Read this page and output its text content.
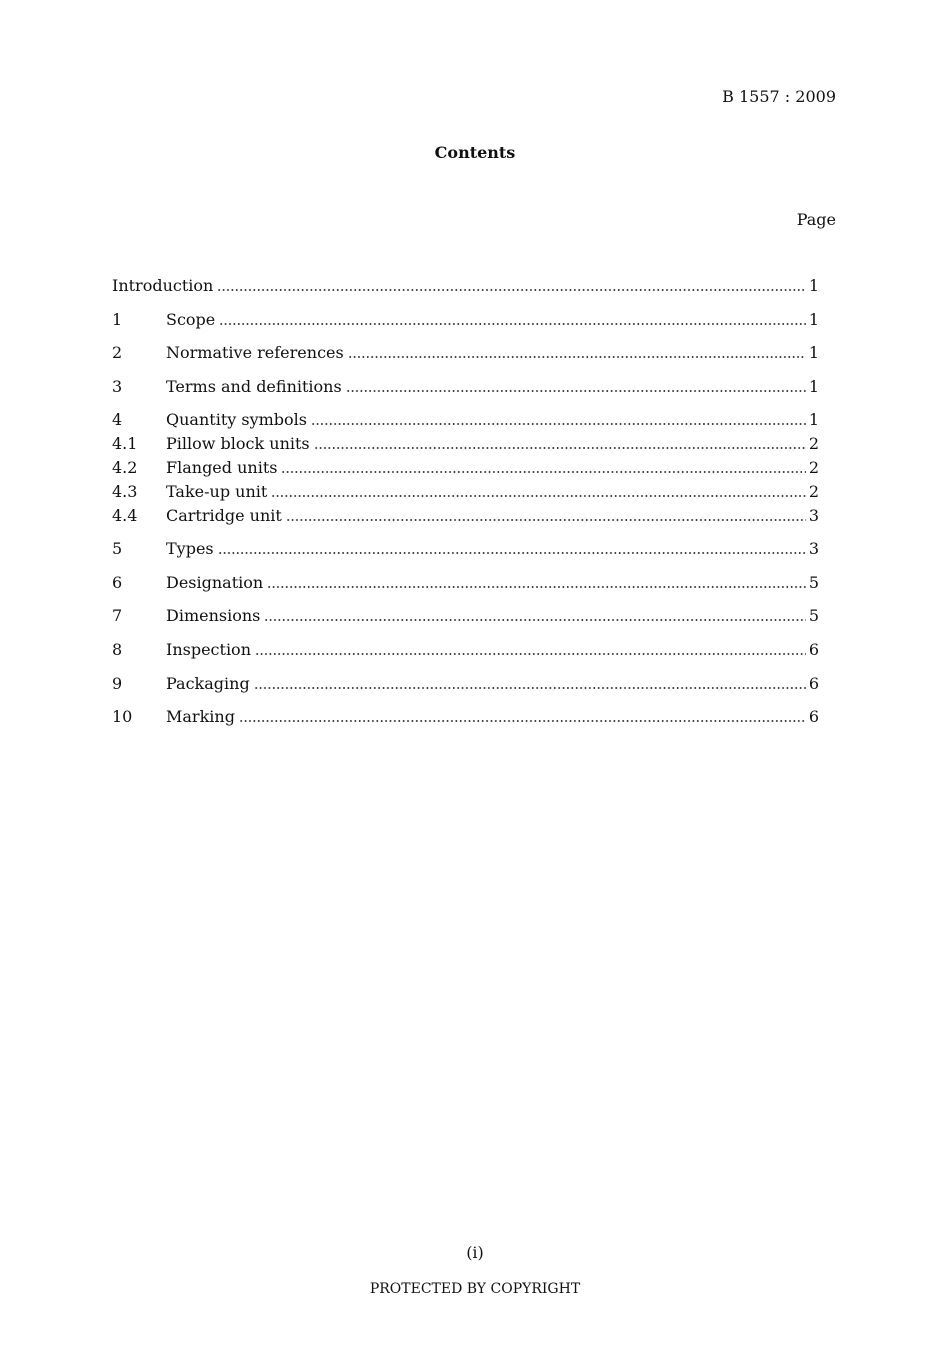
B 1557 : 2009
Contents
Page
Introduction	1
1	Scope	1
2	Normative references	1
3	Terms and definitions	1
4	Quantity symbols	1
4.1	Pillow block units	2
4.2	Flanged units	2
4.3	Take-up unit	2
4.4	Cartridge unit	3
5	Types	3
6	Designation	5
7	Dimensions	5
8	Inspection	6
9	Packaging	6
10	Marking	6
(i)
PROTECTED BY COPYRIGHT
